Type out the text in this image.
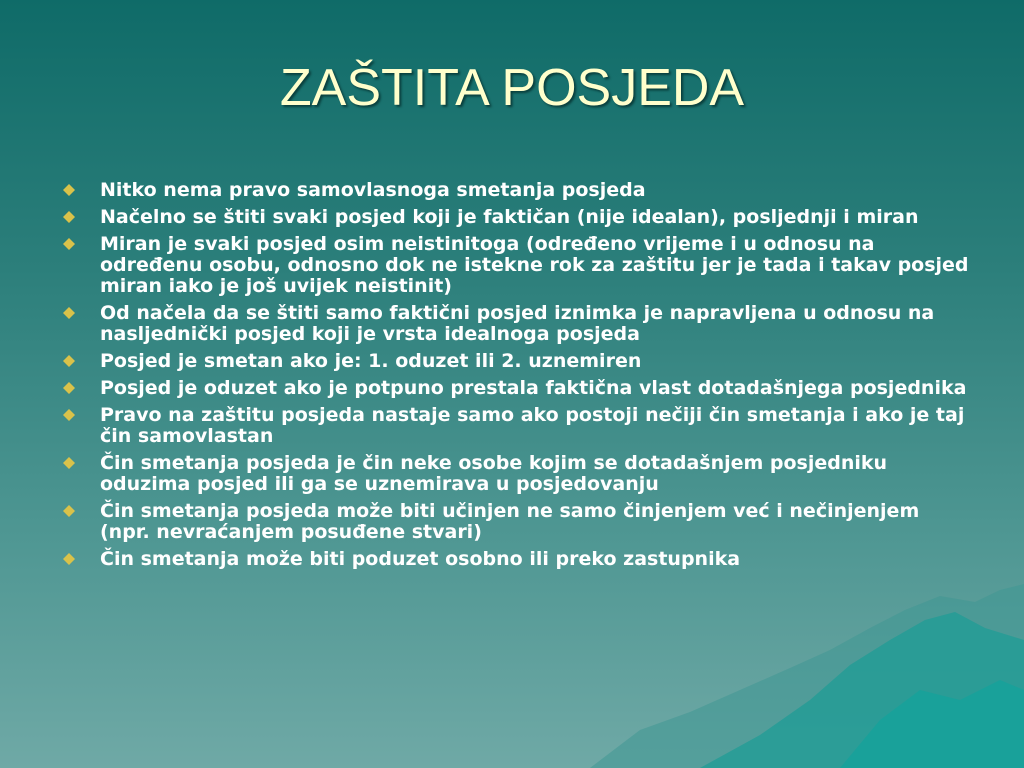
ZAŠTITA POSJEDA
Nitko nema pravo samovlasnoga smetanja posjeda
Načelno se štiti svaki posjed koji je faktičan (nije idealan), posljednji i miran
Miran je svaki posjed osim neistinitoga (određeno vrijeme i u odnosu na određenu osobu, odnosno dok ne istekne rok za zaštitu jer je tada i takav posjed miran iako je još uvijek neistinit)
Od načela da se štiti samo faktični posjed iznimka je napravljena u odnosu na nasljednički posjed koji je vrsta idealnoga posjeda
Posjed je smetan ako je: 1. oduzet ili 2. uznemiren
Posjed je oduzet ako je potpuno prestala faktična vlast dotadašnjega posjednika
Pravo na zaštitu posjeda nastaje samo ako postoji nečiji čin smetanja i ako je taj čin samovlastan
Čin smetanja posjeda je čin neke osobe kojim se dotadašnjem posjedniku oduzima posjed ili ga se uznemirava u posjedovanju
Čin smetanja posjeda može biti učinjen ne samo činjenjem već i nečinjenjem (npr. nevraćanjem posuđene stvari)
Čin smetanja može biti poduzet osobno ili preko zastupnika
